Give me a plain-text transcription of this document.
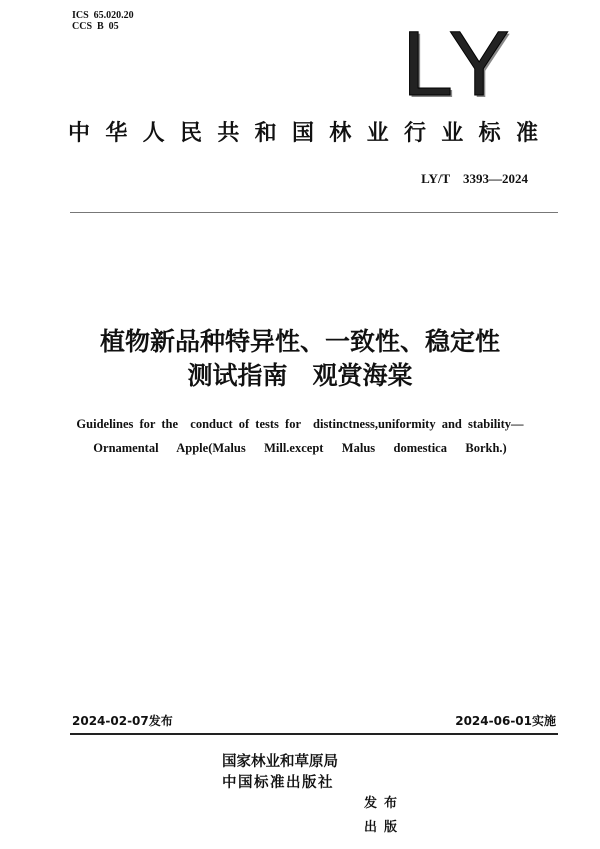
ICS  65.020.20
CCS  B  05	LY
中 华 人 民 共 和 国 林 业 行 业 标 准
LY/T    3393—2024
植物新品种特异性、一致性、稳定性
测试指南　观赏海棠
Guidelines for the  conduct of tests for  distinctness,uniformity and stability—
Ornamental   Apple(Malus   Mill.except   Malus   domestica   Borkh.)
2024-02-07发布	2024-06-01实施
国家林业和草原局
中国标准出版社
发布
出版
